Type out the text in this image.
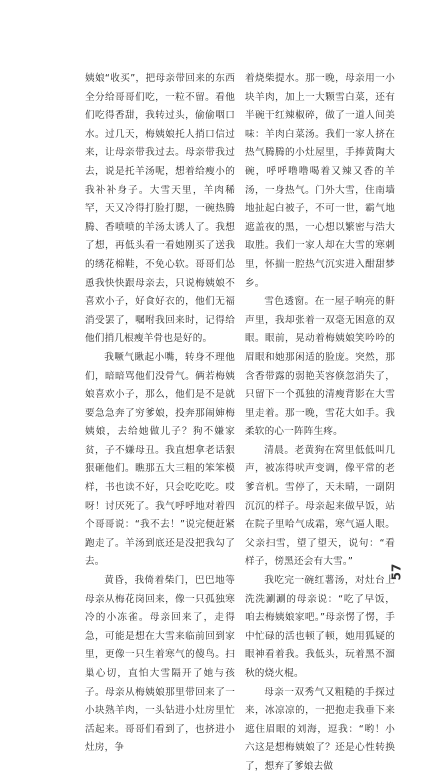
姨娘“收买”，把母亲带回来的东西全分给哥哥们吃，一粒不留。看他们吃得香甜，我转过头，偷偷咽口水。过几天，梅姨娘托人捎口信过来，让母亲带我过去。母亲带我过去，说是托羊汤呢，想着给瘦小的我补补身子。大雪天里，羊肉稀罕，天又冷得打脸打腮，一碗热腾腾、香喷喷的羊汤太诱人了。我想了想，再低头看一看她刚买了送我的绣花棉鞋，不免心软。哥哥们怂恿我快快跟母亲去，只说梅姨娘不喜欢小子，好食好衣的，他们无福消受罢了，嘱咐我回来时，记得给他们捎几根瘦羊骨也是好的。

我噘气瞅起小嘴，转身不理他们，暗暗骂他们没骨气。俩若梅姨娘喜欢小子，那么，他们是不是就要急急奔了穷爹娘，投奔那闹婶梅姨娘，去给她做儿子？狗不嫌家贫，子不嫌母丑。我直想拿老话狠狠砸他们。瞧那五大三粗的笨笨模样，书也读不好，只会吃吃吃。哎呀！讨厌死了。我气呼呼地对着四个哥哥说：“我不去！”说完便赶紧跑走了。羊汤到底还是没把我勾了去。

黄昏，我倚着柴门，巴巴地等母亲从梅花岗回来，像一只孤独寒冷的小冻雀。母亲回来了，走得急，可能是想在大雪来临前回到家里，更像一只生着寒气的傻鸟。扫巢心切，直怕大雪隔开了她与孩子。母亲从梅姨娘那里带回来了一小块熟羊肉，一头钻进小灶房里忙活起来。哥哥们看到了，也挤进小灶房，争

着烧柴提水。那一晚，母亲用一小块羊肉，加上一大颗雪白菜，还有半碗干红辣椒碎，做了一道人间美味：羊肉白菜汤。我们一家人挤在热气腾腾的小灶屋里，手捧黄陶大碗，呼呼噜噜喝着又辣又香的羊汤，一身热气。门外大雪，住南墙地扯起白被子，不可一世，霸气地遮盖夜的黑，一心想以繁密与浩大取胜。我们一家人却在大雪的寒刺里，怀揣一腔热气沉实进入酣甜梦乡。

雪色透窗。在一屋子响亮的鼾声里，我却张着一双毫无困意的双眼。眼前，晃动着梅姨娘笑吟吟的眉眼和她那闲适的脸庞。突然，那含香带露的弱艳芙容倏忽消失了，只留下一个孤独的清瘦背影在大雪里走着。那一晚，雪花大如手。我柔软的心一阵阵生疼。

清晨。老黄狗在窝里低低叫几声，被冻得吠声变调，像平常的老爹音机。雪停了，天未晴，一副阴沉沉的样子。母亲起来做早饭，站在院子里哈气成霜，寒气逼人眼。父亲扫雪，望了望天，说句：“看样子，傍黑还会有大雪。”

我吃完一碗红薯汤，对灶台上洗洗涮涮的母亲说：“吃了早饭，咱去梅姨娘家吧。”母亲愣了愣，手中忙碌的活也顿了顿，她用狐疑的眼神看着我。我低头，玩着黑不溜秋的烧火棍。

母亲一双秀气又粗糙的手探过来，冰凉凉的，一把抱走我垂下来遮住眉眼的刘海，逗我：“哟！小六这是想梅姨娘了？还是心性转换了，想弃了爹娘去做

57
